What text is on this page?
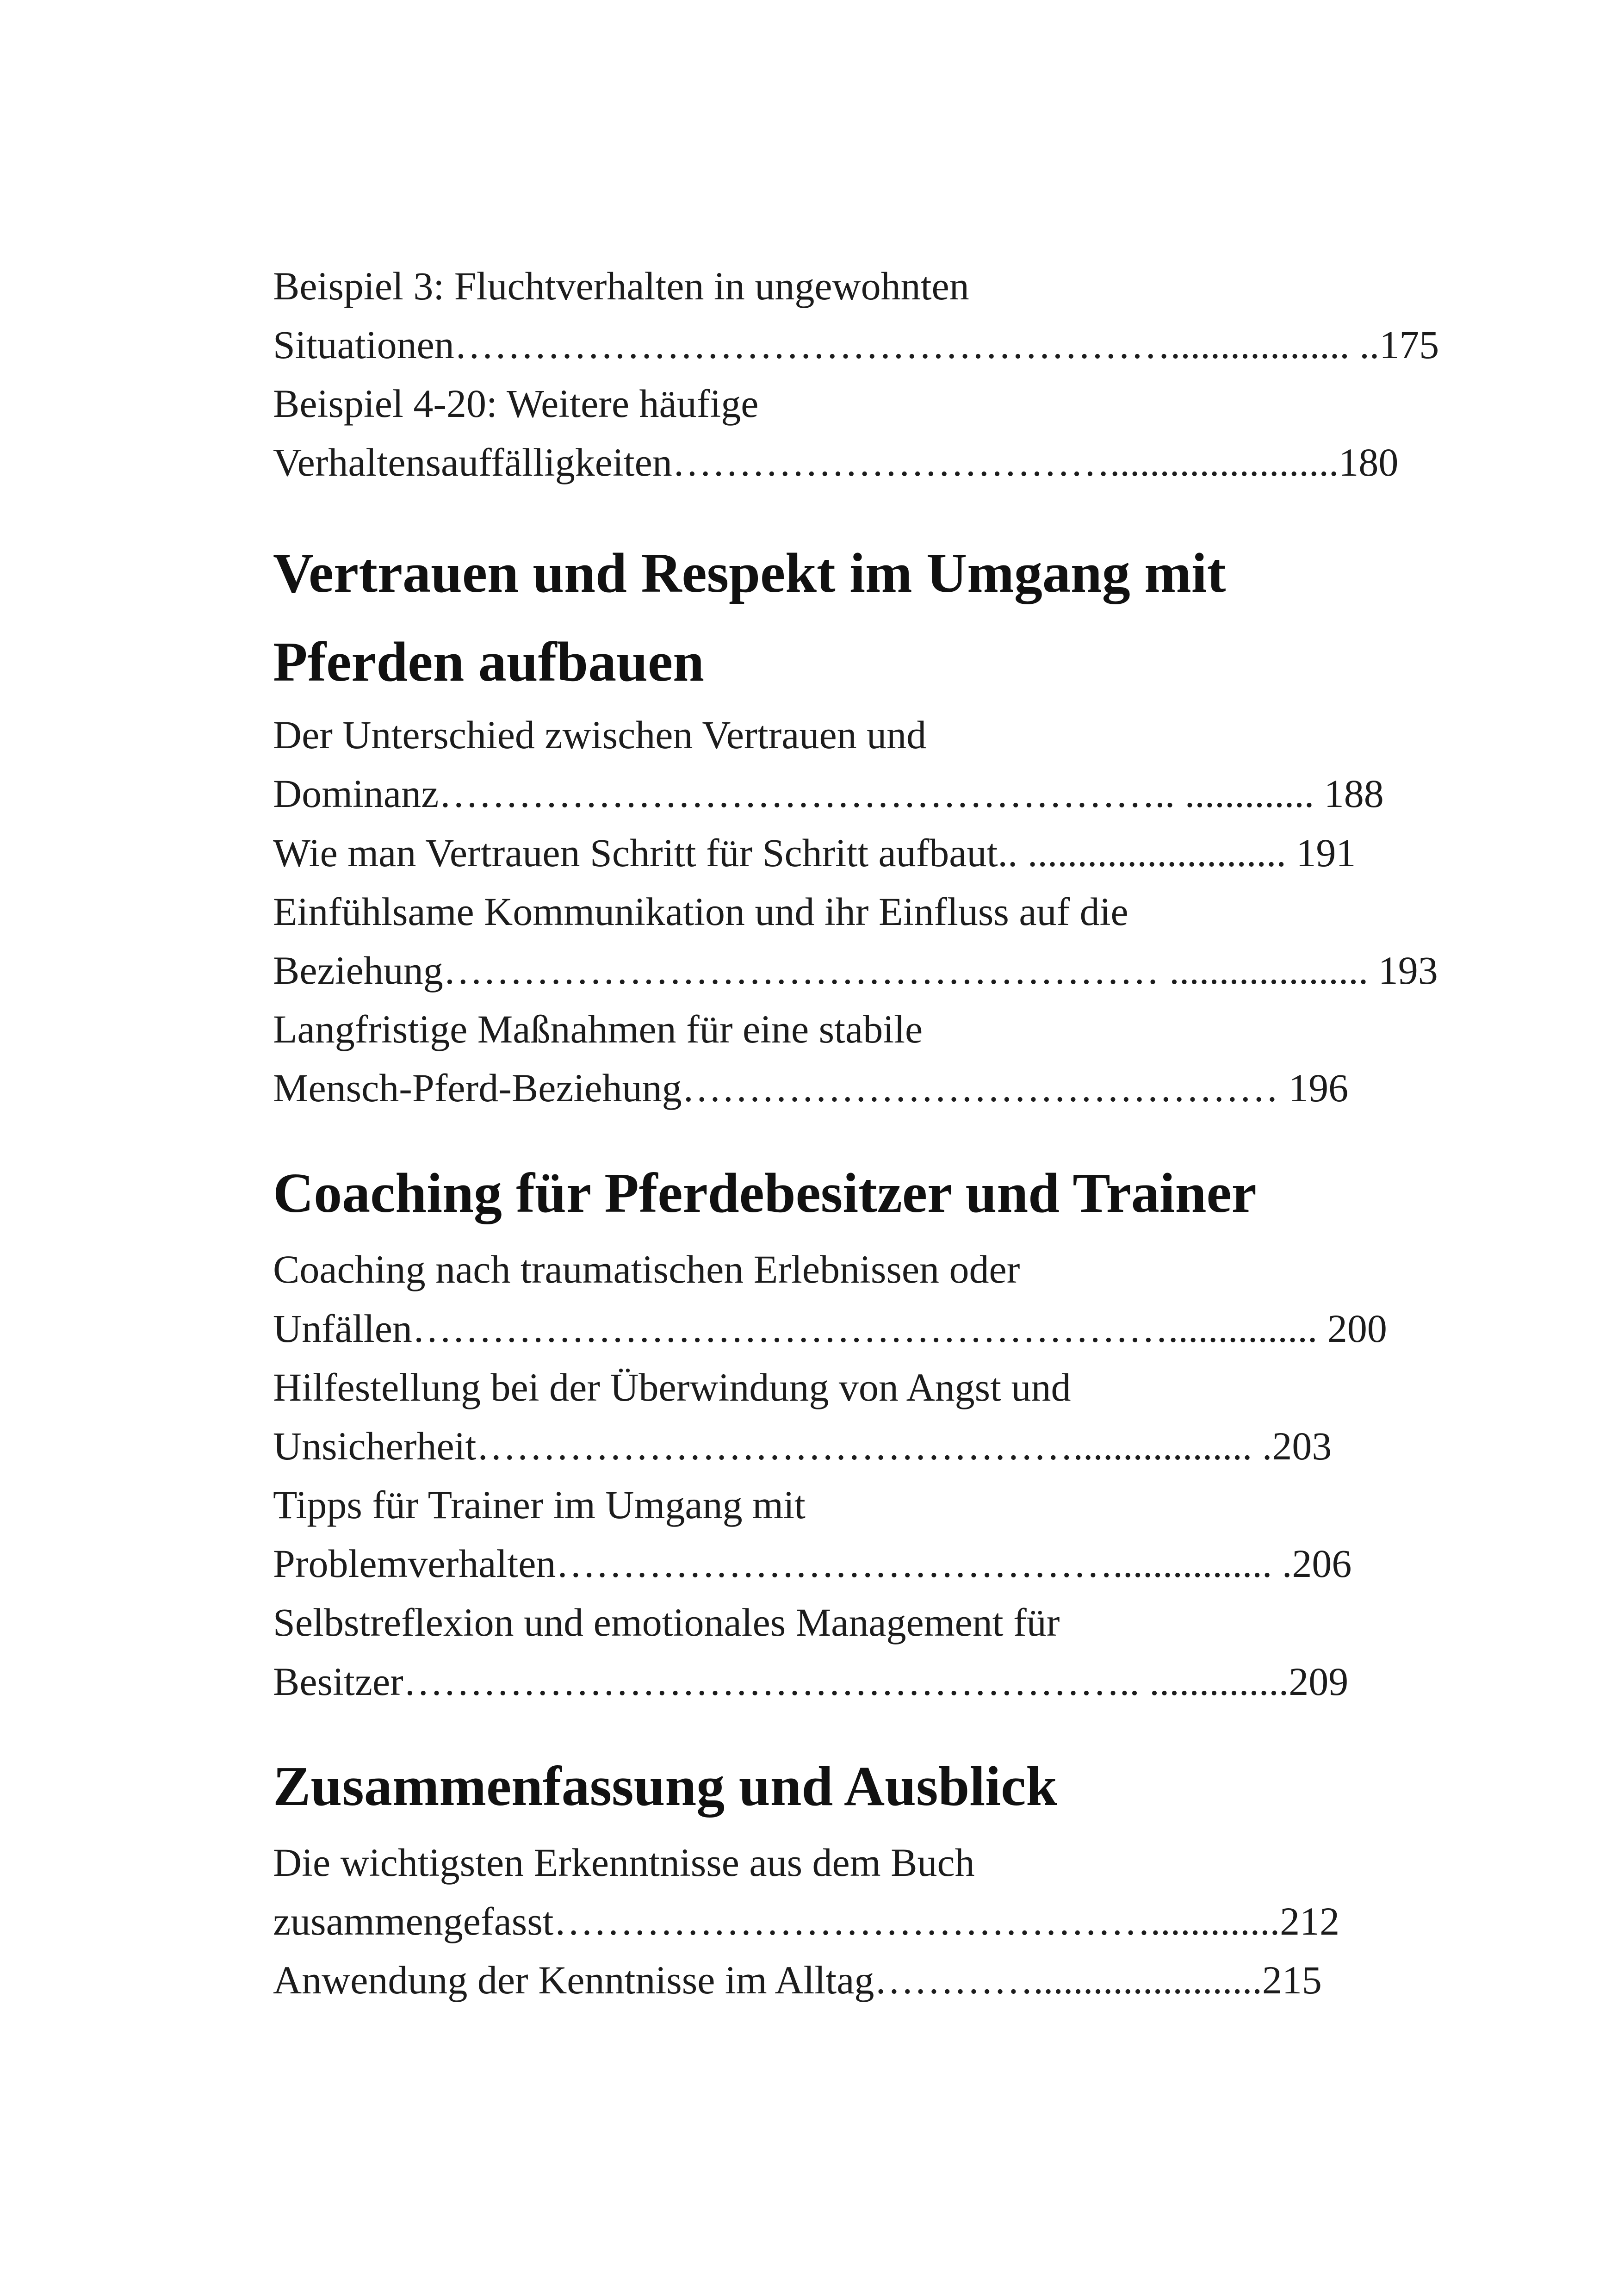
Beispiel 3: Fluchtverhalten in ungewohnten
Situationen……………………………………………….................. ..175
Beispiel 4-20: Weitere häufige
Verhaltensauffälligkeiten…………………………….......................180
Vertrauen und Respekt im Umgang mit
Pferden aufbauen
Der Unterschied zwischen Vertrauen und
Dominanz……………………………………………….. ............. 188
Wie man Vertrauen Schritt für Schritt aufbaut.. .......................... 191
Einfühlsame Kommunikation und ihr Einfluss auf die
Beziehung……………………………………………… .................... 193
Langfristige Maßnahmen für eine stabile
Mensch-Pferd-Beziehung……………………………………… 196
Coaching für Pferdebesitzer und Trainer
Coaching nach traumatischen Erlebnissen oder
Unfällen…………………………………………………............... 200
Hilfestellung bei der Überwindung von Angst und
Unsicherheit……………………………………….................. .203
Tipps für Trainer im Umgang mit
Problemverhalten……………………………………................ .206
Selbstreflexion und emotionales Management für
Besitzer……………………………………………….. ..............209
Zusammenfassung und Ausblick
Die wichtigsten Erkenntnisse aus dem Buch
zusammengefasst……………………………………….............212
Anwendung der Kenntnisse im Alltag………….......................215
